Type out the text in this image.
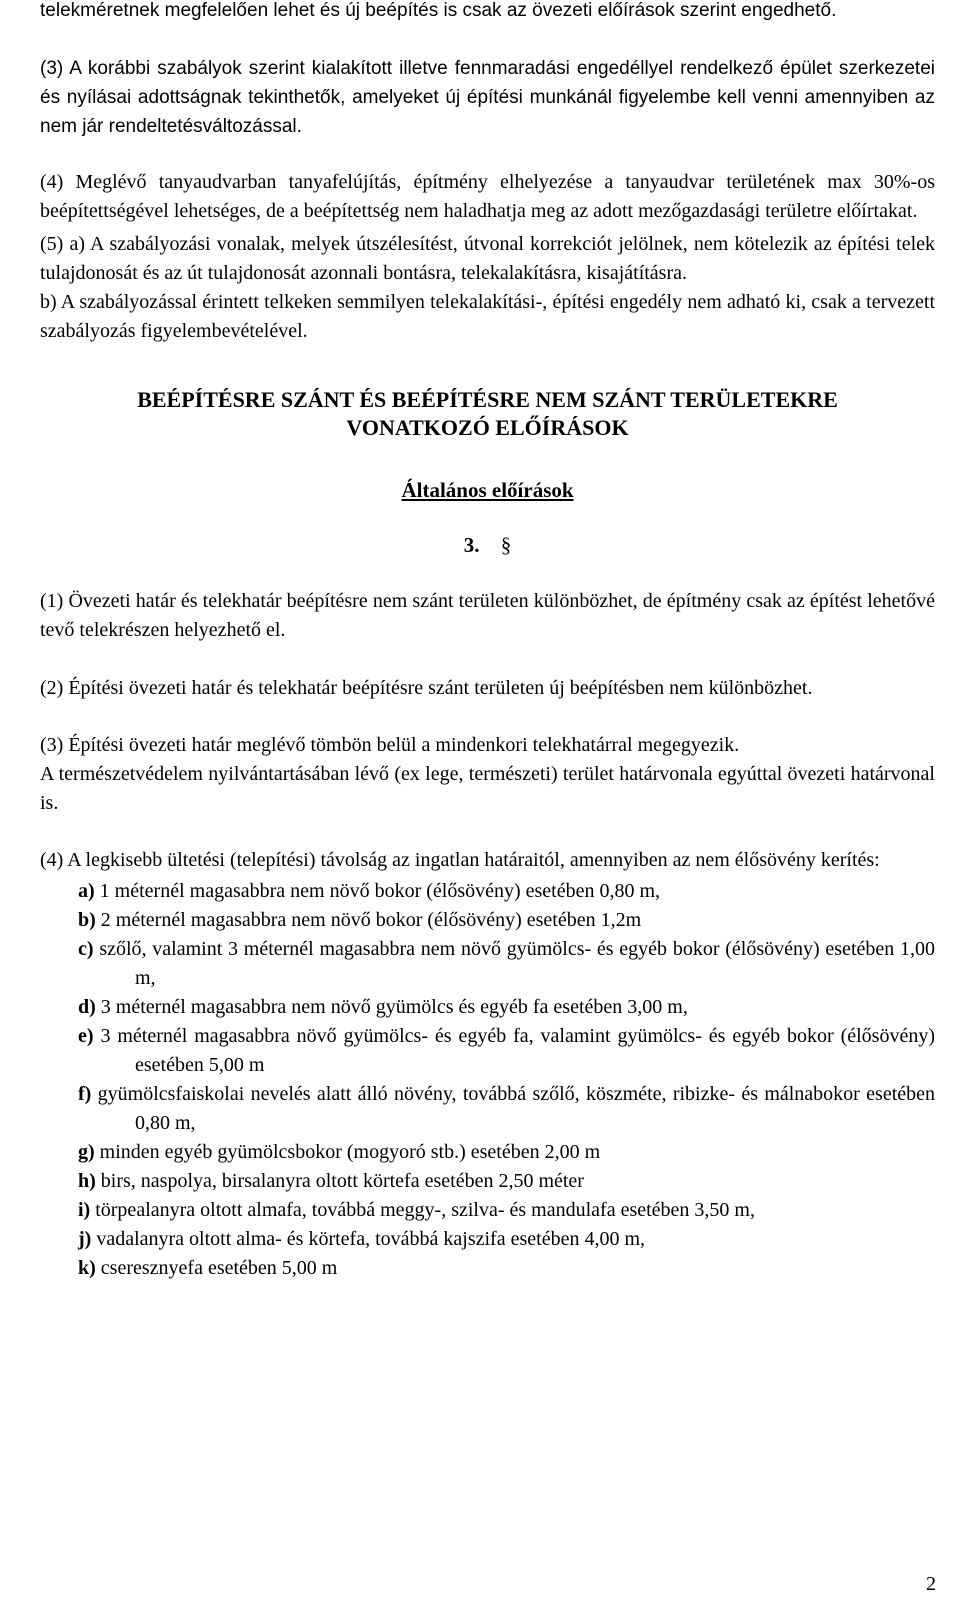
telekméretnek megfelelően lehet és új beépítés is csak az övezeti előírások szerint engedhető.

(3) A korábbi szabályok szerint kialakított illetve fennmaradási engedéllyel rendelkező épület szerkezetei és nyílásai adottságnak tekinthetők, amelyeket új építési munkánál figyelembe kell venni amennyiben az nem jár rendeltetésváltozással.

(4) Meglévő tanyaudvarban tanyafelújítás, építmény elhelyezése a tanyaudvar területének max 30%-os beépítettségével lehetséges, de a beépítettség nem haladhatja meg az adott mezőgazdasági területre előírtakat.

(5) a) A szabályozási vonalak, melyek útszélesítést, útvonal korrekciót jelölnek, nem kötelezik az építési telek tulajdonosát és az út tulajdonosát azonnali bontásra, telekalakításra, kisajátításra.

b) A szabályozással érintett telkeken semmilyen telekalakítási-, építési engedély nem adható ki, csak a tervezett szabályozás figyelembevételével.

BEÉPÍTÉSRE SZÁNT ÉS BEÉPÍTÉSRE NEM SZÁNT TERÜLETEKRE VONATKOZÓ ELŐÍRÁSOK
Általános előírások
3. §

(1) Övezeti határ és telekhatár beépítésre nem szánt területen különbözhet, de építmény csak az építést lehetővé tevő telekrészen helyezhető el.

(2) Építési övezeti határ és telekhatár beépítésre szánt területen új beépítésben nem különbözhet.

(3) Építési övezeti határ meglévő tömbön belül a mindenkori telekhatárral megegyezik.

A természetvédelem nyilvántartásában lévő (ex lege, természeti) terület határvonala egyúttal övezeti határvonal is.

(4) A legkisebb ültetési (telepítési) távolság az ingatlan határaitól, amennyiben az nem élősövény kerítés:

a) 1 méternél magasabbra nem növő bokor (élősövény) esetében 0,80 m,
b) 2 méternél magasabbra nem növő bokor (élősövény) esetében 1,2m
c) szőlő, valamint 3 méternél magasabbra nem növő gyümölcs- és egyéb bokor (élősövény) esetében 1,00 m,
d) 3 méternél magasabbra nem növő gyümölcs és egyéb fa esetében 3,00 m,
e) 3 méternél magasabbra növő gyümölcs- és egyéb fa, valamint gyümölcs- és egyéb bokor (élősövény) esetében 5,00 m
f) gyümölcsfaiskolai nevelés alatt álló növény, továbbá szőlő, köszméte, ribizke- és málnabokor esetében 0,80 m,
g) minden egyéb gyümölcsbokor (mogyoró stb.) esetében 2,00 m
h) birs, naspolya, birsalanyra oltott körtefa esetében 2,50 méter
i) törpealanyra oltott almafa, továbbá meggy-, szilva- és mandulafa esetében 3,50 m,
j) vadalanyra oltott alma- és körtefa, továbbá kajszifa esetében 4,00 m,
k) cseresznyefa esetében 5,00 m
2
